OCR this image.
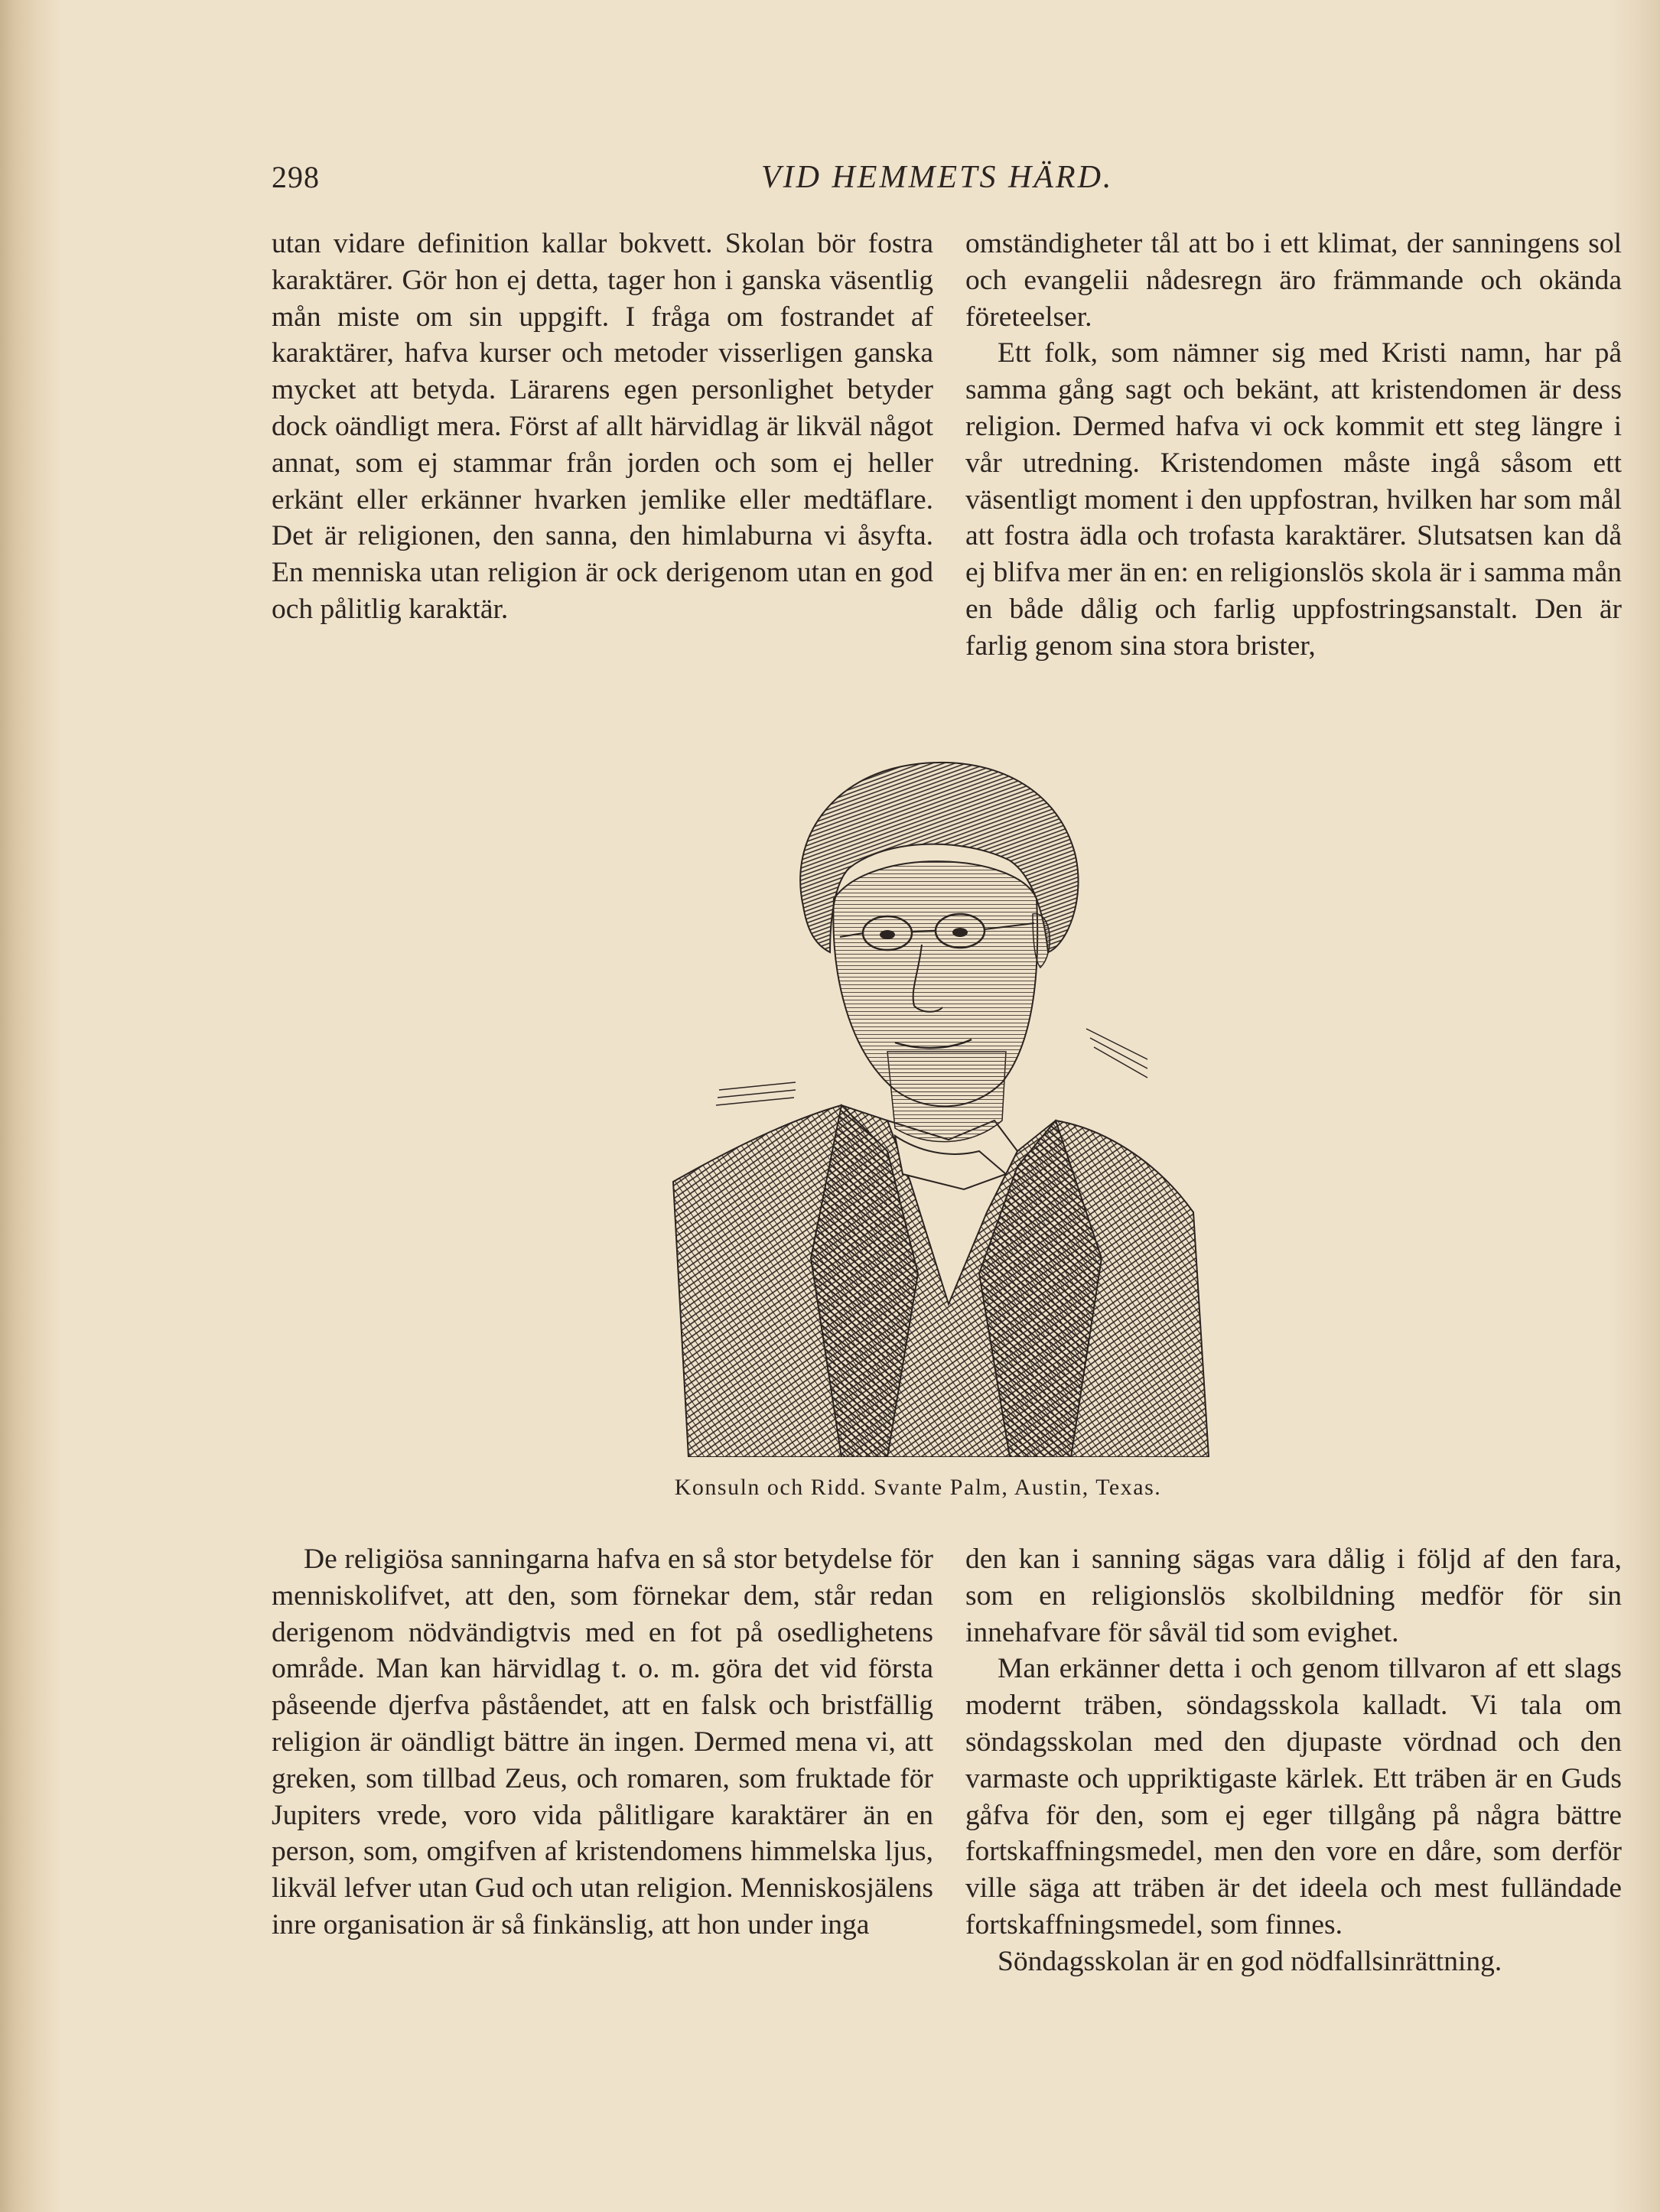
298	VID HEMMETS HÄRD.

utan vidare definition kallar bokvett. Skolan bör fostra karaktärer. Gör hon ej detta, tager hon i ganska väsentlig mån miste om sin uppgift. I fråga om fostrandet af karaktärer, hafva kurser och metoder visserligen ganska mycket att betyda. Lärarens egen personlighet betyder dock oändligt mera. Först af allt härvidlag är likväl något annat, som ej stammar från jorden och som ej heller erkänt eller erkänner hvarken jemlike eller medtäflare. Det är religionen, den sanna, den himlaburna vi åsyfta. En menniska utan religion är ock derigenom utan en god och pålitlig karaktär.

omständigheter tål att bo i ett klimat, der sanningens sol och evangelii nådesregn äro främmande och okända företeelser.

Ett folk, som nämner sig med Kristi namn, har på samma gång sagt och bekänt, att kristendomen är dess religion. Dermed hafva vi ock kommit ett steg längre i vår utredning. Kristendomen måste ingå såsom ett väsentligt moment i den uppfostran, hvilken har som mål att fostra ädla och trofasta karaktärer. Slutsatsen kan då ej blifva mer än en: en religionslös skola är i samma mån en både dålig och farlig uppfostringsanstalt. Den är farlig genom sina stora brister,

Konsuln och Ridd. Svante Palm, Austin, Texas.

De religiösa sanningarna hafva en så stor betydelse för menniskolifvet, att den, som förnekar dem, står redan derigenom nödvändigtvis med en fot på osedlighetens område. Man kan härvidlag t. o. m. göra det vid första påseende djerfva påståendet, att en falsk och bristfällig religion är oändligt bättre än ingen. Dermed mena vi, att greken, som tillbad Zeus, och romaren, som fruktade för Jupiters vrede, voro vida pålitligare karaktärer än en person, som, omgifven af kristendomens himmelska ljus, likväl lefver utan Gud och utan religion. Menniskosjälens inre organisation är så finkänslig, att hon under inga

den kan i sanning sägas vara dålig i följd af den fara, som en religionslös skolbildning medför för sin innehafvare för såväl tid som evighet.

Man erkänner detta i och genom tillvaron af ett slags modernt träben, söndagsskola kalladt. Vi tala om söndagsskolan med den djupaste vördnad och den varmaste och uppriktigaste kärlek. Ett träben är en Guds gåfva för den, som ej eger tillgång på några bättre fortskaffningsmedel, men den vore en dåre, som derför ville säga att träben är det ideela och mest fulländade fortskaffningsmedel, som finnes.

Söndagsskolan är en god nödfallsinrättning.
